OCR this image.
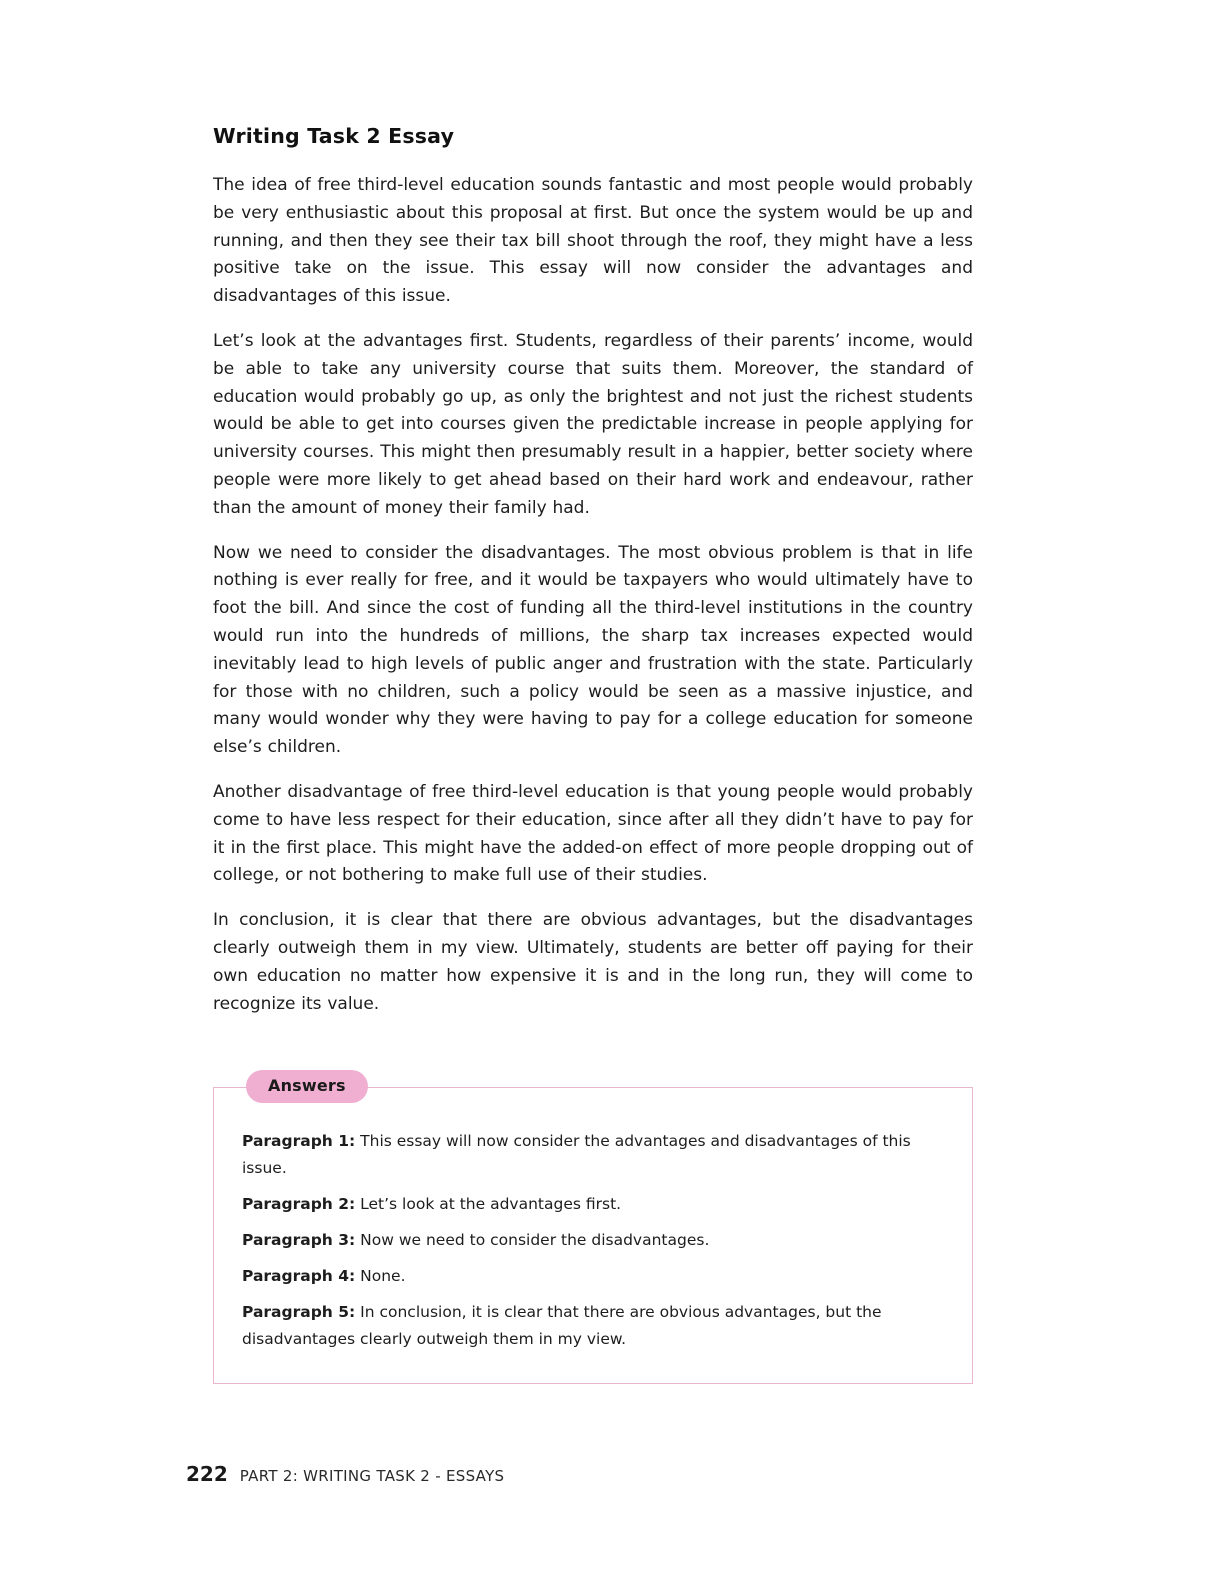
Writing Task 2 Essay

The idea of free third-level education sounds fantastic and most people would probably be very enthusiastic about this proposal at first. But once the system would be up and running, and then they see their tax bill shoot through the roof, they might have a less positive take on the issue. This essay will now consider the advantages and disadvantages of this issue.

Let’s look at the advantages first. Students, regardless of their parents’ income, would be able to take any university course that suits them. Moreover, the standard of education would probably go up, as only the brightest and not just the richest students would be able to get into courses given the predictable increase in people applying for university courses. This might then presumably result in a happier, better society where people were more likely to get ahead based on their hard work and endeavour, rather than the amount of money their family had.

Now we need to consider the disadvantages. The most obvious problem is that in life nothing is ever really for free, and it would be taxpayers who would ultimately have to foot the bill. And since the cost of funding all the third-level institutions in the country would run into the hundreds of millions, the sharp tax increases expected would inevitably lead to high levels of public anger and frustration with the state. Particularly for those with no children, such a policy would be seen as a massive injustice, and many would wonder why they were having to pay for a college education for someone else’s children.

Another disadvantage of free third-level education is that young people would probably come to have less respect for their education, since after all they didn’t have to pay for it in the first place. This might have the added-on effect of more people dropping out of college, or not bothering to make full use of their studies.

In conclusion, it is clear that there are obvious advantages, but the disadvantages clearly outweigh them in my view. Ultimately, students are better off paying for their own education no matter how expensive it is and in the long run, they will come to recognize its value.

Answers

Paragraph 1: This essay will now consider the advantages and disadvantages of this issue.

Paragraph 2: Let’s look at the advantages first.

Paragraph 3: Now we need to consider the disadvantages.

Paragraph 4: None.

Paragraph 5: In conclusion, it is clear that there are obvious advantages, but the disadvantages clearly outweigh them in my view.

222 PART 2: WRITING TASK 2 - ESSAYS
